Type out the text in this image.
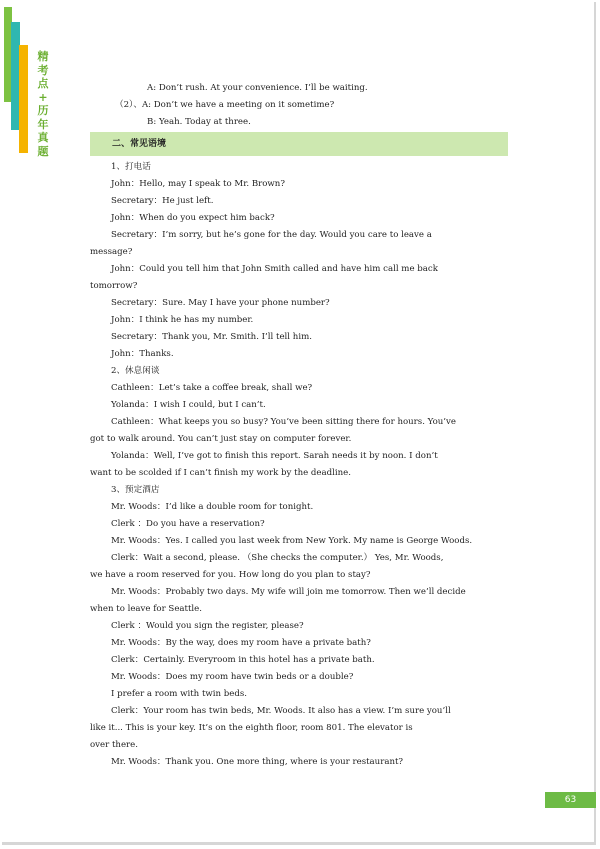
精
考
点
+
历
年
真
题
A: Don’t rush. At your convenience. I’ll be waiting.
（2）、A: Don’t we have a meeting on it sometime?
B: Yeah. Today at three.
二、常见语境
1、打电话
John：Hello, may I speak to Mr. Brown?
Secretary：He just left.
John：When do you expect him back?
Secretary：I’m sorry, but he’s gone for the day. Would you care to leave a
message?
John：Could you tell him that John Smith called and have him call me back
tomorrow?
Secretary：Sure. May I have your phone number?
John：I think he has my number.
Secretary：Thank you, Mr. Smith. I’ll tell him.
John：Thanks.
2、休息闲谈
Cathleen：Let’s take a coffee break, shall we?
Yolanda：I wish I could, but I can’t.
Cathleen：What keeps you so busy? You’ve been sitting there for hours. You’ve
got to walk around. You can’t just stay on computer forever.
Yolanda：Well, I’ve got to finish this report. Sarah needs it by noon. I don’t
want to be scolded if I can’t finish my work by the deadline.
3、预定酒店
Mr. Woods：I’d like a double room for tonight.
Clerk ：Do you have a reservation?
Mr. Woods：Yes. I called you last week from New York. My name is George Woods.
Clerk：Wait a second, please. （She checks the computer.） Yes, Mr. Woods,
we have a room reserved for you. How long do you plan to stay?
Mr. Woods：Probably two days. My wife will join me tomorrow. Then we’ll decide
when to leave for Seattle.
Clerk ：Would you sign the register, please?
Mr. Woods：By the way, does my room have a private bath?
Clerk：Certainly. Everyroom in this hotel has a private bath.
Mr. Woods：Does my room have twin beds or a double?
I prefer a room with twin beds.
Clerk：Your room has twin beds, Mr. Woods. It also has a view. I’m sure you’ll
like it... This is your key. It’s on the eighth floor, room 801. The elevator is
over there.
Mr. Woods：Thank you. One more thing, where is your restaurant?
63
